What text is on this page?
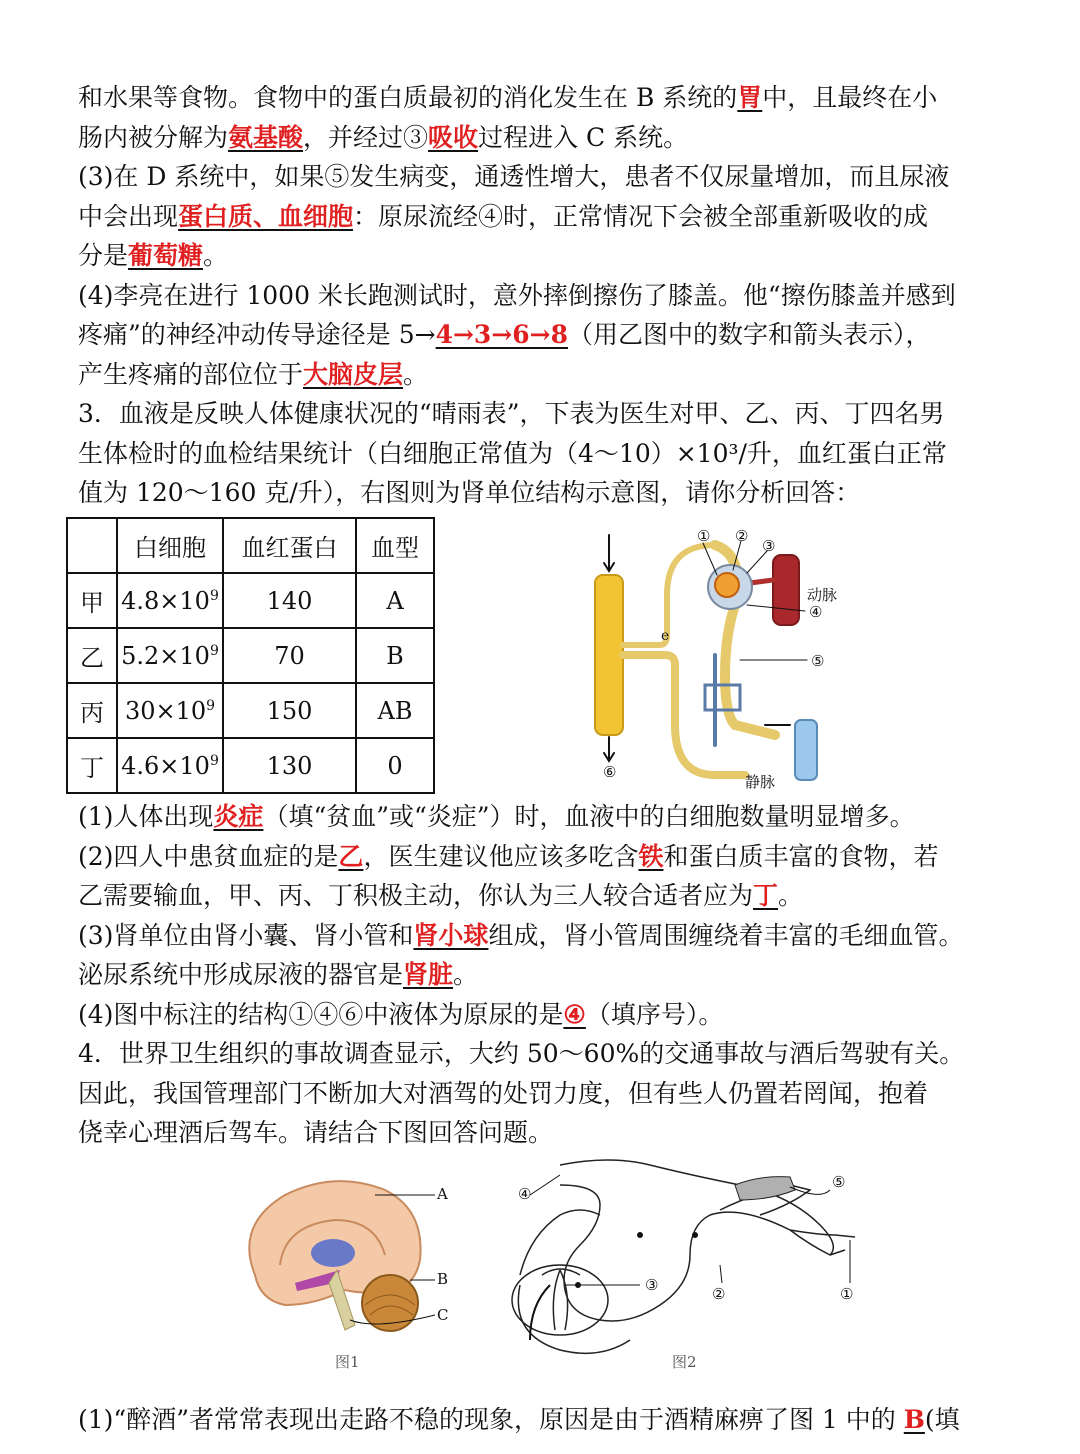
和水果等食物。食物中的蛋白质最初的消化发生在 B 系统的胃中，且最终在小
肠内被分解为氨基酸，并经过③吸收过程进入 C 系统。
(3)在 D 系统中，如果⑤发生病变，通透性增大，患者不仅尿量增加，而且尿液
中会出现蛋白质、血细胞：原尿流经④时，正常情况下会被全部重新吸收的成
分是葡萄糖。
(4)李亮在进行 1000 米长跑测试时，意外摔倒擦伤了膝盖。他“擦伤膝盖并感到
疼痛”的神经冲动传导途径是 5→4→3→6→8（用乙图中的数字和箭头表示），
产生疼痛的部位位于大脑皮层。
3．血液是反映人体健康状况的“晴雨表”，下表为医生对甲、乙、丙、丁四名男
生体检时的血检结果统计（白细胞正常值为（4～10）×10³/升，血红蛋白正常
值为 120～160 克/升），右图则为肾单位结构示意图，请你分析回答：
	白细胞	血红蛋白	血型
甲	$4.8\times 10^9$	140	A
乙	$5.2\times 10^9$	70	B
丙	$30\times 10^9$	150	AB
丁	$4.6\times 10^9$	130	0
① ②
③
④
⑤
⑥
e
动脉
静脉
(1)人体出现炎症（填“贫血”或“炎症”）时，血液中的白细胞数量明显增多。
(2)四人中患贫血症的是乙，医生建议他应该多吃含铁和蛋白质丰富的食物，若
乙需要输血，甲、丙、丁积极主动，你认为三人较合适者应为丁。
(3)肾单位由肾小囊、肾小管和肾小球组成，肾小管周围缠绕着丰富的毛细血管。
泌尿系统中形成尿液的器官是肾脏。
(4)图中标注的结构①④⑥中液体为原尿的是④（填序号）。
4．世界卫生组织的事故调查显示，大约 50～60%的交通事故与酒后驾驶有关。
因此，我国管理部门不断加大对酒驾的处罚力度，但有些人仍置若罔闻，抱着
侥幸心理酒后驾车。请结合下图回答问题。
A
B
C
图1
④
⑤
③	②	①
图2
(1)“醉酒”者常常表现出走路不稳的现象，原因是由于酒精麻痹了图 1 中的 B(填
